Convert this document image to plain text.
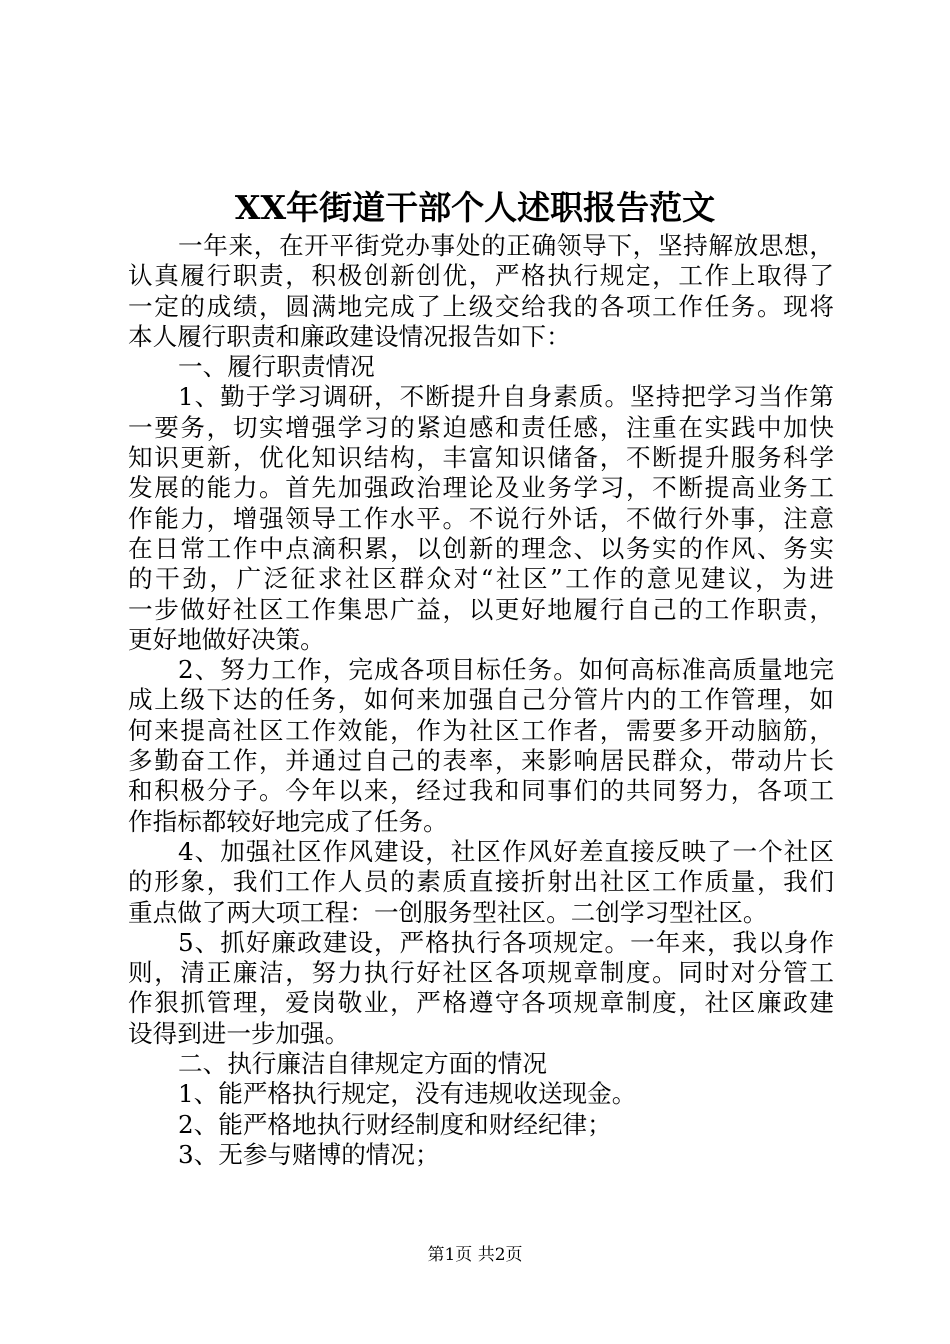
XX年街道干部个人述职报告范文
一年来，在开平街党办事处的正确领导下，坚持解放思想，
认真履行职责，积极创新创优，严格执行规定，工作上取得了
一定的成绩，圆满地完成了上级交给我的各项工作任务。现将
本人履行职责和廉政建设情况报告如下：
一、履行职责情况
1、勤于学习调研，不断提升自身素质。坚持把学习当作第
一要务，切实增强学习的紧迫感和责任感，注重在实践中加快
知识更新，优化知识结构，丰富知识储备，不断提升服务科学
发展的能力。首先加强政治理论及业务学习，不断提高业务工
作能力，增强领导工作水平。不说行外话，不做行外事，注意
在日常工作中点滴积累，以创新的理念、以务实的作风、务实
的干劲，广泛征求社区群众对“社区”工作的意见建议，为进
一步做好社区工作集思广益，以更好地履行自己的工作职责，
更好地做好决策。
2、努力工作，完成各项目标任务。如何高标准高质量地完
成上级下达的任务，如何来加强自己分管片内的工作管理，如
何来提高社区工作效能，作为社区工作者，需要多开动脑筋，
多勤奋工作，并通过自己的表率，来影响居民群众，带动片长
和积极分子。今年以来，经过我和同事们的共同努力，各项工
作指标都较好地完成了任务。
4、加强社区作风建设，社区作风好差直接反映了一个社区
的形象，我们工作人员的素质直接折射出社区工作质量，我们
重点做了两大项工程：一创服务型社区。二创学习型社区。
5、抓好廉政建设，严格执行各项规定。一年来，我以身作
则，清正廉洁，努力执行好社区各项规章制度。同时对分管工
作狠抓管理，爱岗敬业，严格遵守各项规章制度，社区廉政建
设得到进一步加强。
二、执行廉洁自律规定方面的情况
1、能严格执行规定，没有违规收送现金。
2、能严格地执行财经制度和财经纪律；
3、无参与赌博的情况；
第1页 共2页
